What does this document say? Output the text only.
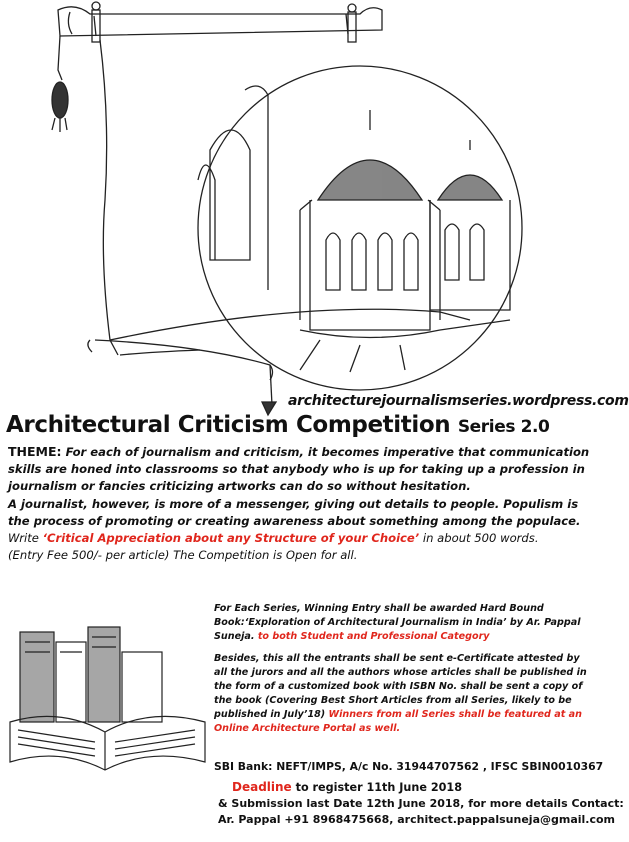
architecturejournalismseries.wordpress.com
Architectural Criticism Competition Series 2.0

THEME: For each of journalism and criticism, it becomes imperative that communication skills are honed into classrooms so that anybody who is up for taking up a profession in journalism or fancies criticizing artworks can do so without hesitation.

A journalist, however, is more of a messenger, giving out details to people. Populism is the process of promoting or creating awareness about something among the populace.

Write ‘Critical Appreciation about any Structure of your Choice’ in about 500 words.

(Entry Fee 500/- per article) The Competition is Open for all.

For Each Series, Winning Entry shall be awarded Hard Bound Book:‘Exploration of Architectural Journalism in India’ by Ar. Pappal Suneja. to both Student and Professional Category

Besides, this all the entrants shall be sent e-Certificate attested by all the jurors and all the authors whose articles shall be published in the form of a customized book with ISBN No. shall be sent a copy of the book (Covering Best Short Articles from all Series, likely to be published in July’18) Winners from all Series shall be featured at an Online Architecture Portal as well.

SBI Bank: NEFT/IMPS, A/c No. 31944707562 , IFSC SBIN0010367
Deadline to register 11th June 2018
& Submission last Date 12th June 2018, for more details Contact:
Ar. Pappal +91 8968475668, architect.pappalsuneja@gmail.com
